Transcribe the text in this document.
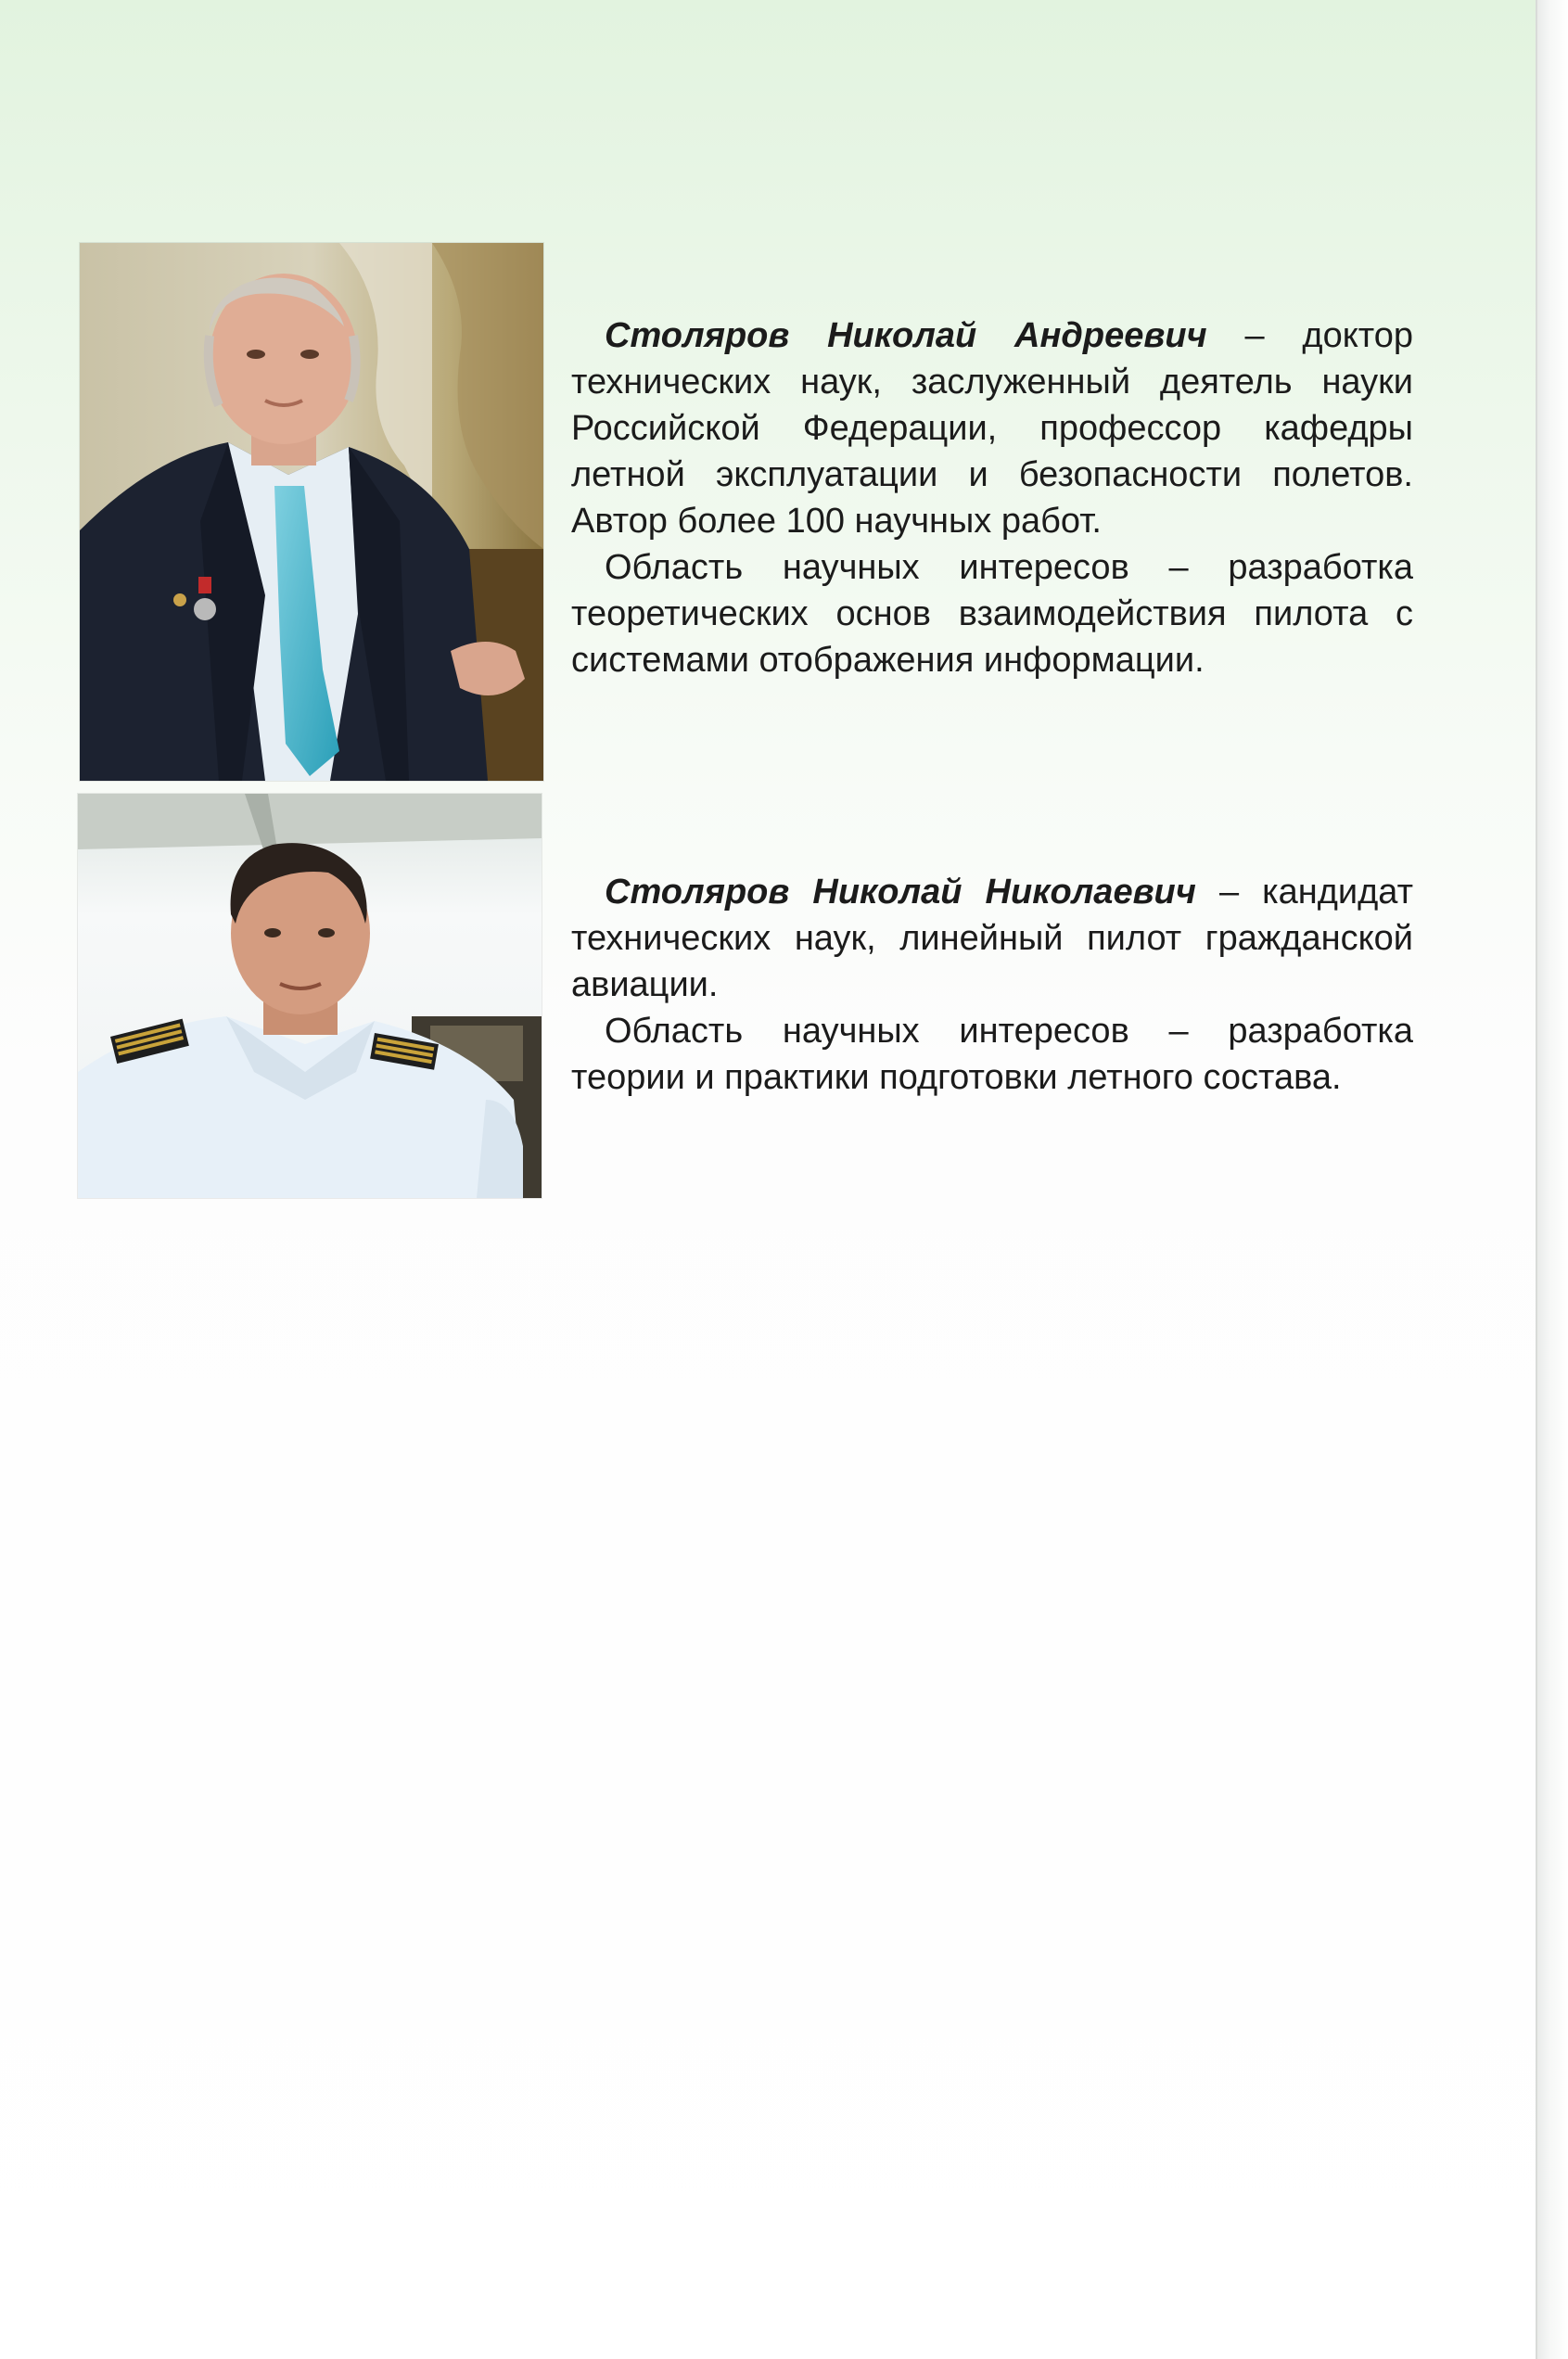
Столяров Николай Андреевич – доктор технических наук, заслуженный деятель науки Российской Федерации, профессор кафедры летной эксплуатации и безопасности полетов. Автор более 100 научных работ.

Область научных интересов – разработка теоретических основ взаимодействия пилота с системами отображения информации.

Столяров Николай Николаевич – кандидат технических наук, линейный пилот гражданской авиации.

Область научных интересов – разработка теории и практики подготовки летного состава.
